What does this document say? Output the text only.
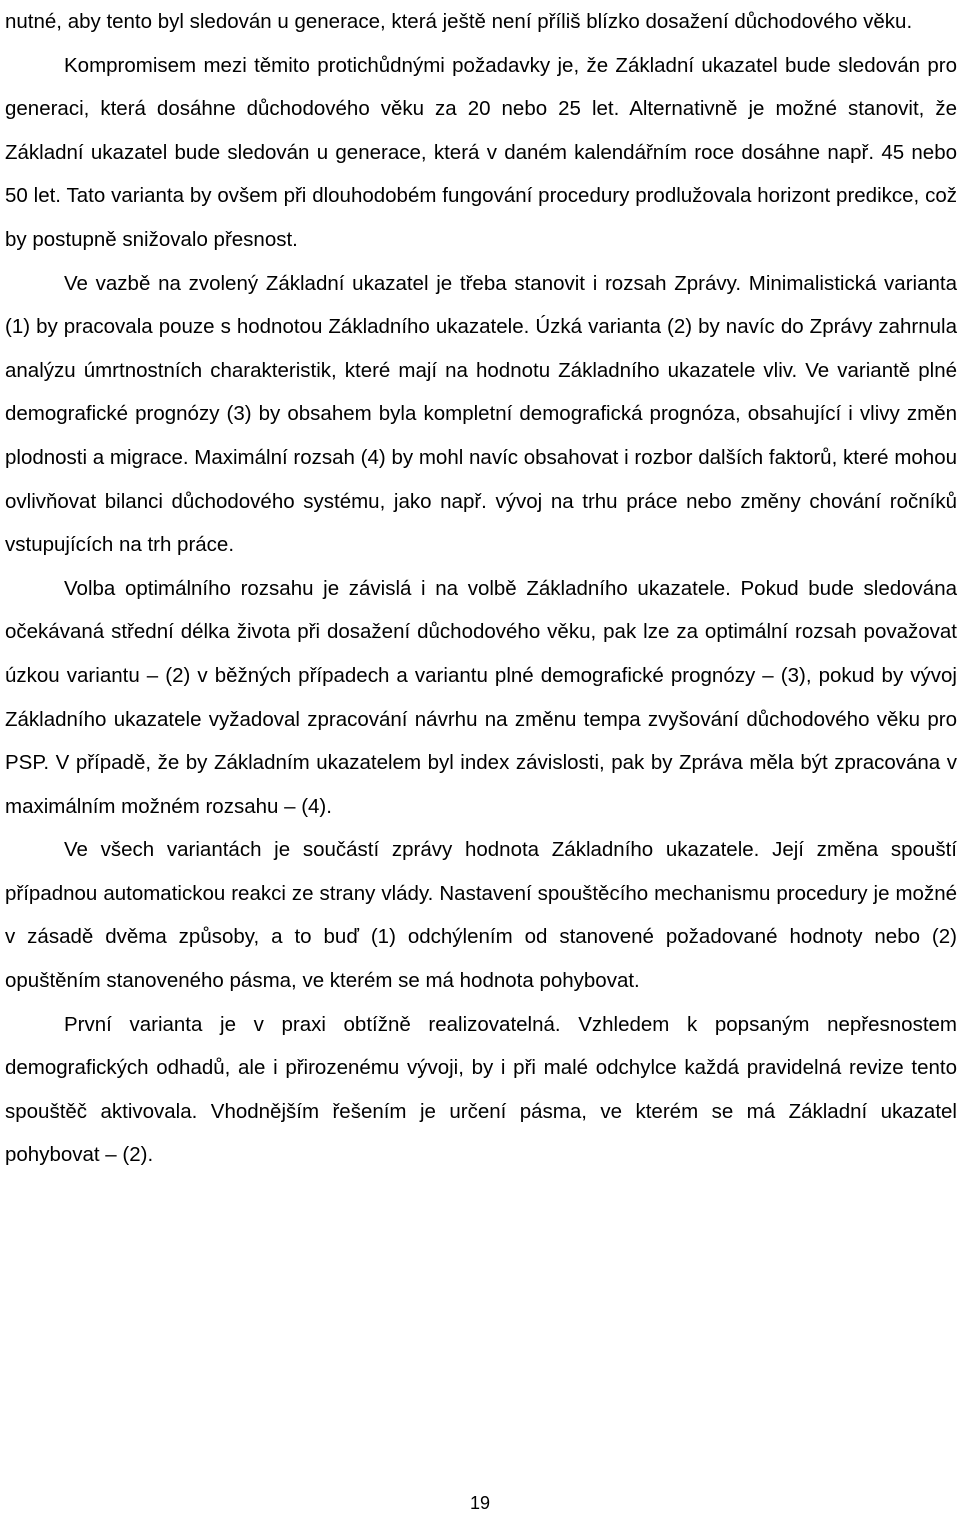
nutné, aby tento byl sledován u generace, která ještě není příliš blízko dosažení důchodového věku.

Kompromisem mezi těmito protichůdnými požadavky je, že Základní ukazatel bude sledován pro generaci, která dosáhne důchodového věku za 20 nebo 25 let. Alternativně je možné stanovit, že Základní ukazatel bude sledován u generace, která v daném kalendářním roce dosáhne např. 45 nebo 50 let. Tato varianta by ovšem při dlouhodobém fungování procedury prodlužovala horizont predikce, což by postupně snižovalo přesnost.

Ve vazbě na zvolený Základní ukazatel je třeba stanovit i rozsah Zprávy. Minimalistická varianta (1) by pracovala pouze s hodnotou Základního ukazatele. Úzká varianta (2) by navíc do Zprávy zahrnula analýzu úmrtnostních charakteristik, které mají na hodnotu Základního ukazatele vliv. Ve variantě plné demografické prognózy (3) by obsahem byla kompletní demografická prognóza, obsahující i vlivy změn plodnosti a migrace. Maximální rozsah (4) by mohl navíc obsahovat i rozbor dalších faktorů, které mohou ovlivňovat bilanci důchodového systému, jako např. vývoj na trhu práce nebo změny chování ročníků vstupujících na trh práce.

Volba optimálního rozsahu je závislá i na volbě Základního ukazatele. Pokud bude sledována očekávaná střední délka života při dosažení důchodového věku, pak lze za optimální rozsah považovat úzkou variantu – (2) v běžných případech a variantu plné demografické prognózy – (3), pokud by vývoj Základního ukazatele vyžadoval zpracování návrhu na změnu tempa zvyšování důchodového věku pro PSP. V případě, že by Základním ukazatelem byl index závislosti, pak by Zpráva měla být zpracována v maximálním možném rozsahu – (4).

Ve všech variantách je součástí zprávy hodnota Základního ukazatele. Její změna spouští případnou automatickou reakci ze strany vlády. Nastavení spouštěcího mechanismu procedury je možné v zásadě dvěma způsoby, a to buď (1) odchýlením od stanovené požadované hodnoty nebo (2) opuštěním stanoveného pásma, ve kterém se má hodnota pohybovat.

První varianta je v praxi obtížně realizovatelná. Vzhledem k popsaným nepřesnostem demografických odhadů, ale i přirozenému vývoji, by i při malé odchylce každá pravidelná revize tento spouštěč aktivovala. Vhodnějším řešením je určení pásma, ve kterém se má Základní ukazatel pohybovat – (2).

19
